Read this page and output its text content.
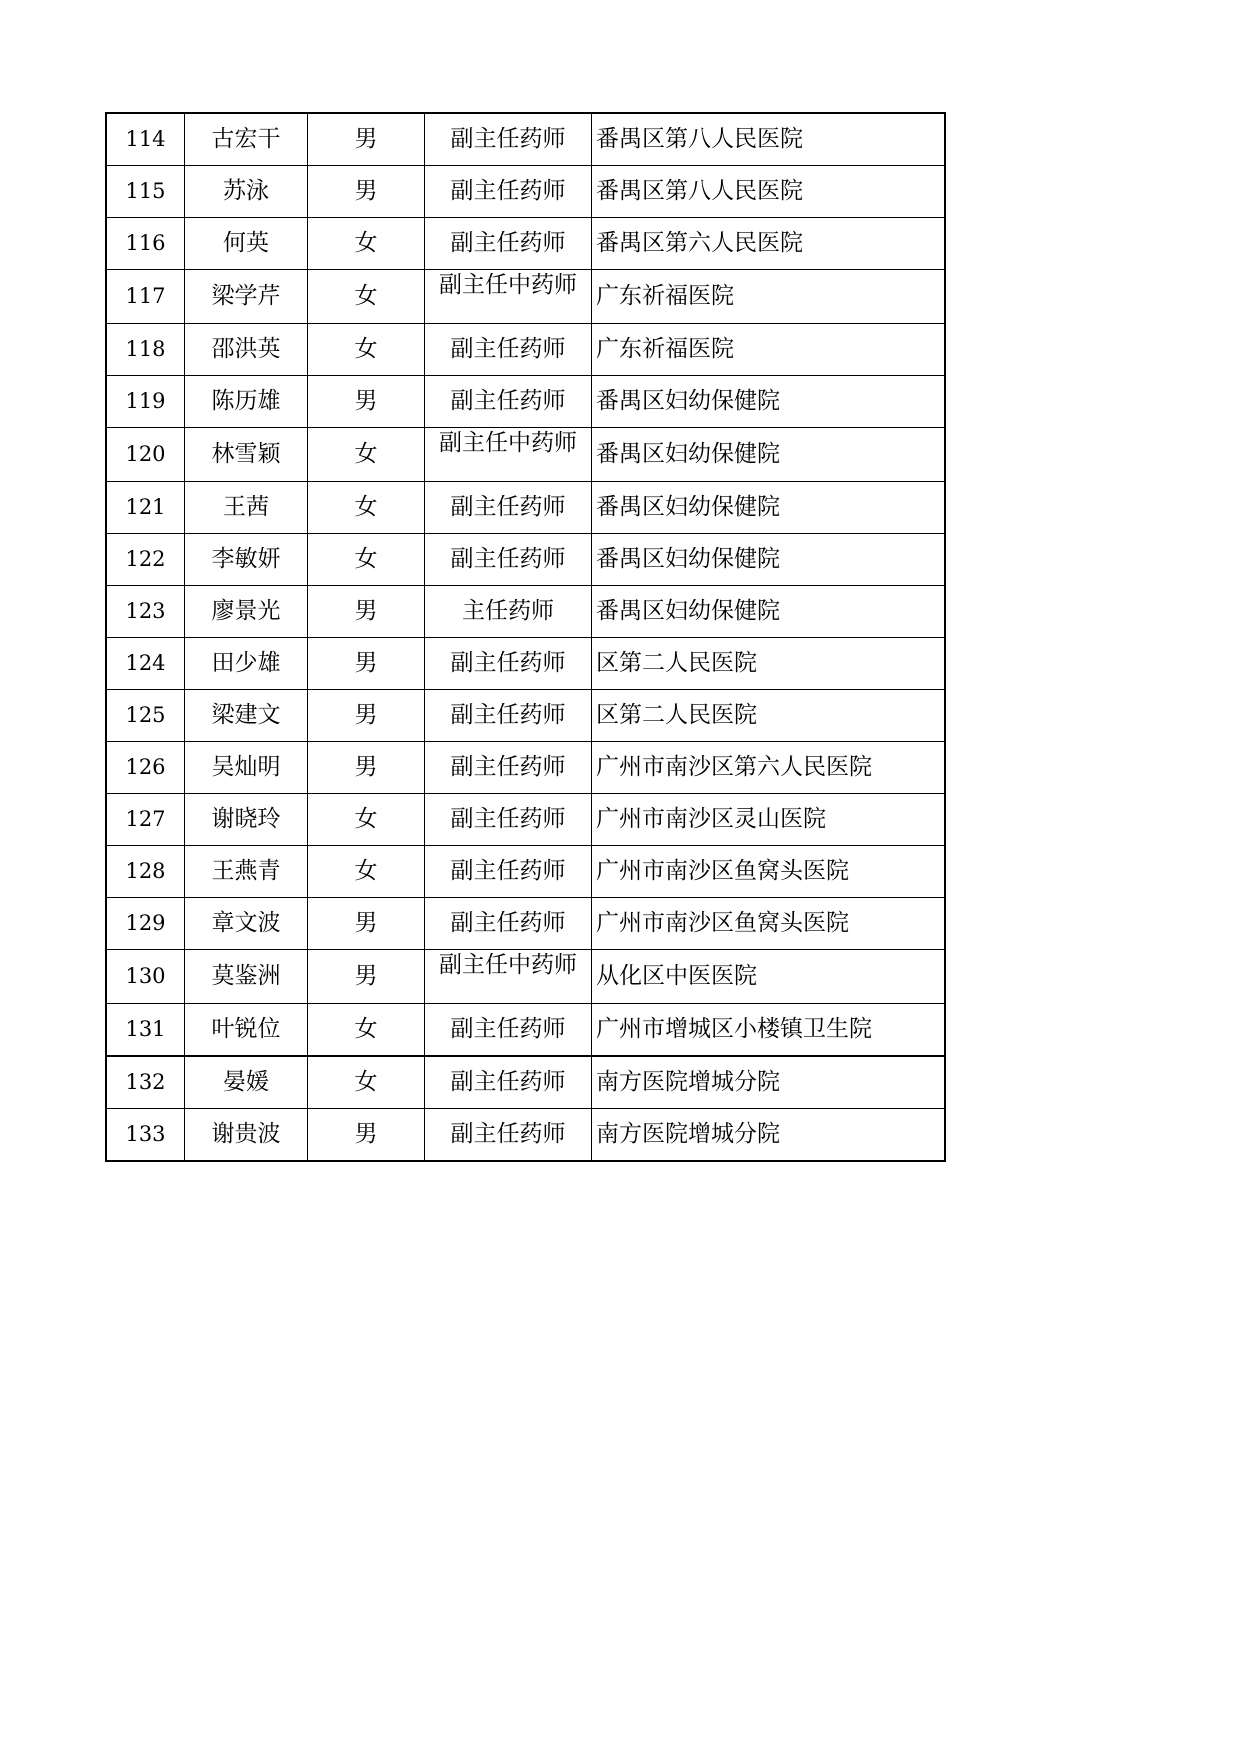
114	古宏干	男	副主任药师	番禺区第八人民医院
115	苏泳	男	副主任药师	番禺区第八人民医院
116	何英	女	副主任药师	番禺区第六人民医院
117	梁学芹	女	副主任中药师	广东祈福医院
118	邵洪英	女	副主任药师	广东祈福医院
119	陈历雄	男	副主任药师	番禺区妇幼保健院
120	林雪颖	女	副主任中药师	番禺区妇幼保健院
121	王茜	女	副主任药师	番禺区妇幼保健院
122	李敏妍	女	副主任药师	番禺区妇幼保健院
123	廖景光	男	主任药师	番禺区妇幼保健院
124	田少雄	男	副主任药师	区第二人民医院
125	梁建文	男	副主任药师	区第二人民医院
126	吴灿明	男	副主任药师	广州市南沙区第六人民医院
127	谢晓玲	女	副主任药师	广州市南沙区灵山医院
128	王燕青	女	副主任药师	广州市南沙区鱼窝头医院
129	章文波	男	副主任药师	广州市南沙区鱼窝头医院
130	莫鉴洲	男	副主任中药师	从化区中医医院
131	叶锐位	女	副主任药师	广州市增城区小楼镇卫生院
132	晏媛	女	副主任药师	南方医院增城分院
133	谢贵波	男	副主任药师	南方医院增城分院
